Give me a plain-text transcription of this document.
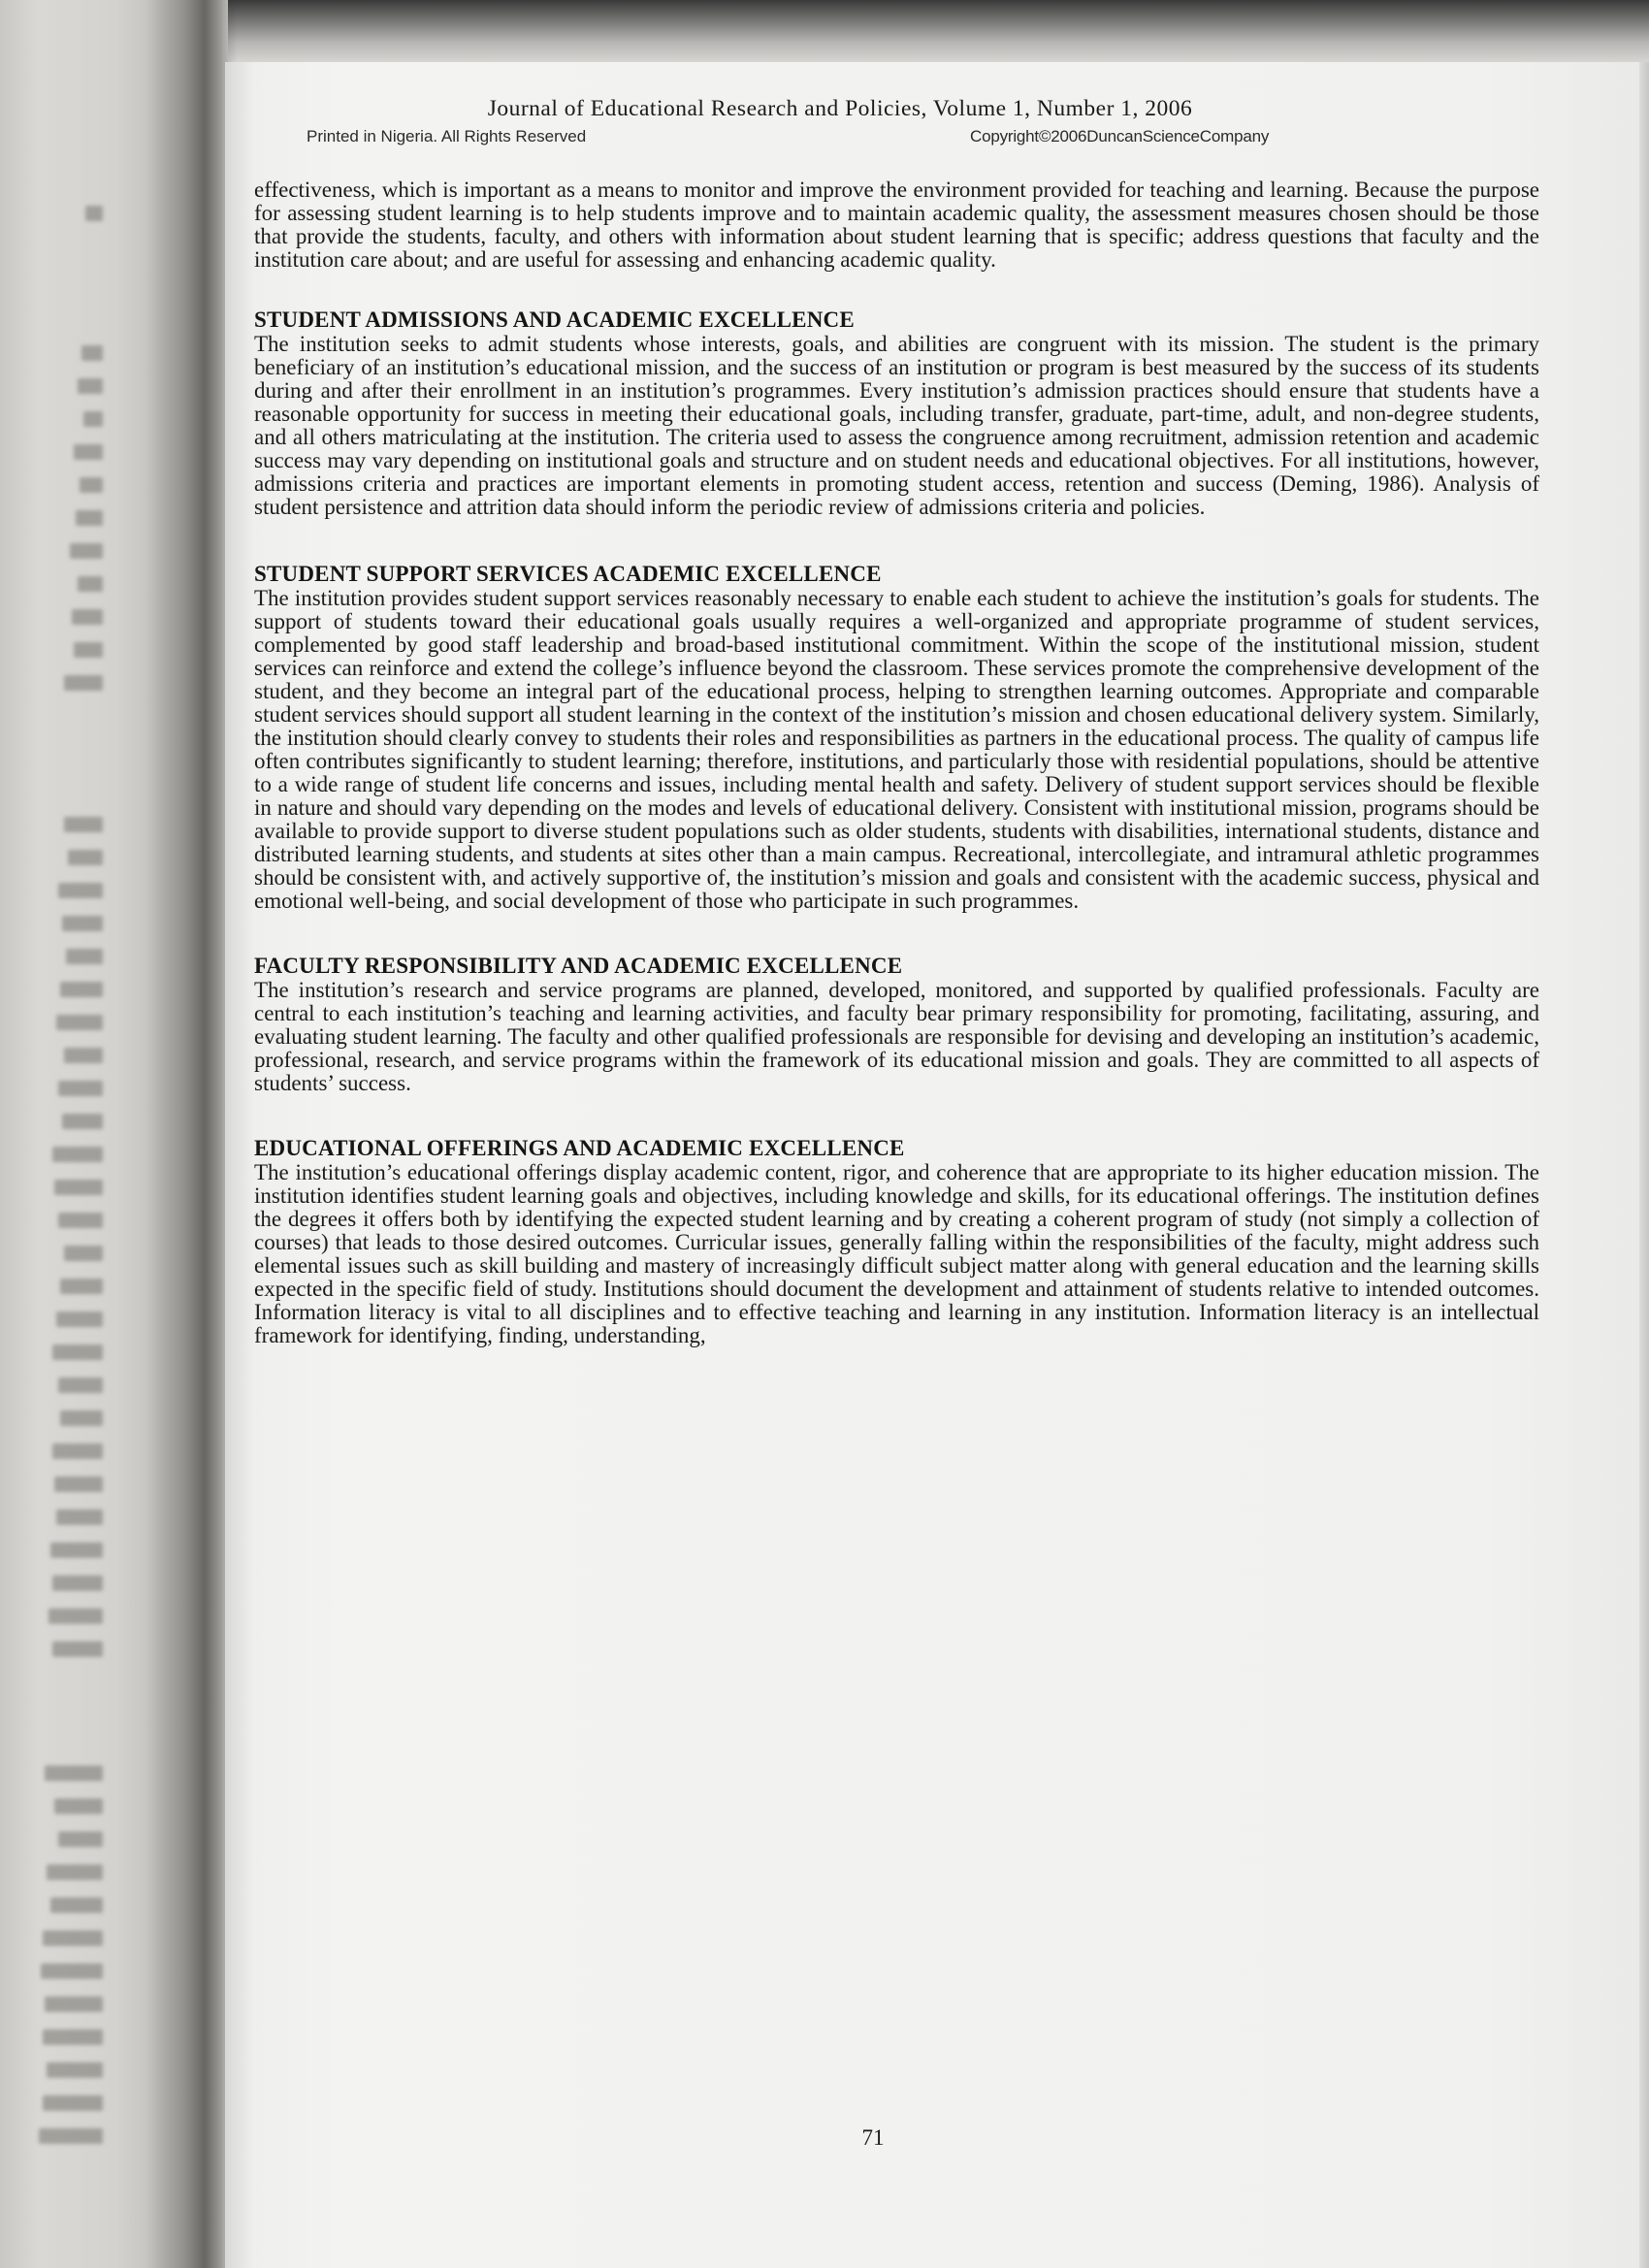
Journal of Educational Research and Policies, Volume 1, Number 1, 2006
Printed in Nigeria. All Rights Reserved	Copyright©2006DuncanScienceCompany

effectiveness, which is important as a means to monitor and improve the environment provided for teaching and learning. Because the purpose for assessing student learning is to help students improve and to maintain academic quality, the assessment measures chosen should be those that provide the students, faculty, and others with information about student learning that is specific; address questions that faculty and the institution care about; and are useful for assessing and enhancing academic quality.

STUDENT ADMISSIONS AND ACADEMIC EXCELLENCE

The institution seeks to admit students whose interests, goals, and abilities are congruent with its mission. The student is the primary beneficiary of an institution’s educational mission, and the success of an institution or program is best measured by the success of its students during and after their enrollment in an institution’s programmes. Every institution’s admission practices should ensure that students have a reasonable opportunity for success in meeting their educational goals, including transfer, graduate, part-time, adult, and non-degree students, and all others matriculating at the institution. The criteria used to assess the congruence among recruitment, admission retention and academic success may vary depending on institutional goals and structure and on student needs and educational objectives. For all institutions, however, admissions criteria and practices are important elements in promoting student access, retention and success (Deming, 1986). Analysis of student persistence and attrition data should inform the periodic review of admissions criteria and policies.

STUDENT SUPPORT SERVICES ACADEMIC EXCELLENCE

The institution provides student support services reasonably necessary to enable each student to achieve the institution’s goals for students. The support of students toward their educational goals usually requires a well-organized and appropriate programme of student services, complemented by good staff leadership and broad-based institutional commitment. Within the scope of the institutional mission, student services can reinforce and extend the college’s influence beyond the classroom. These services promote the comprehensive development of the student, and they become an integral part of the educational process, helping to strengthen learning outcomes. Appropriate and comparable student services should support all student learning in the context of the institution’s mission and chosen educational delivery system. Similarly, the institution should clearly convey to students their roles and responsibilities as partners in the educational process. The quality of campus life often contributes significantly to student learning; therefore, institutions, and particularly those with residential populations, should be attentive to a wide range of student life concerns and issues, including mental health and safety. Delivery of student support services should be flexible in nature and should vary depending on the modes and levels of educational delivery. Consistent with institutional mission, programs should be available to provide support to diverse student populations such as older students, students with disabilities, international students, distance and distributed learning students, and students at sites other than a main campus. Recreational, intercollegiate, and intramural athletic programmes should be consistent with, and actively supportive of, the institution’s mission and goals and consistent with the academic success, physical and emotional well-being, and social development of those who participate in such programmes.

FACULTY RESPONSIBILITY AND ACADEMIC EXCELLENCE

The institution’s research and service programs are planned, developed, monitored, and supported by qualified professionals. Faculty are central to each institution’s teaching and learning activities, and faculty bear primary responsibility for promoting, facilitating, assuring, and evaluating student learning. The faculty and other qualified professionals are responsible for devising and developing an institution’s academic, professional, research, and service programs within the framework of its educational mission and goals. They are committed to all aspects of students’ success.

EDUCATIONAL OFFERINGS AND ACADEMIC EXCELLENCE

The institution’s educational offerings display academic content, rigor, and coherence that are appropriate to its higher education mission. The institution identifies student learning goals and objectives, including knowledge and skills, for its educational offerings. The institution defines the degrees it offers both by identifying the expected student learning and by creating a coherent program of study (not simply a collection of courses) that leads to those desired outcomes. Curricular issues, generally falling within the responsibilities of the faculty, might address such elemental issues such as skill building and mastery of increasingly difficult subject matter along with general education and the learning skills expected in the specific field of study. Institutions should document the development and attainment of students relative to intended outcomes. Information literacy is vital to all disciplines and to effective teaching and learning in any institution. Information literacy is an intellectual framework for identifying, finding, understanding,

71
